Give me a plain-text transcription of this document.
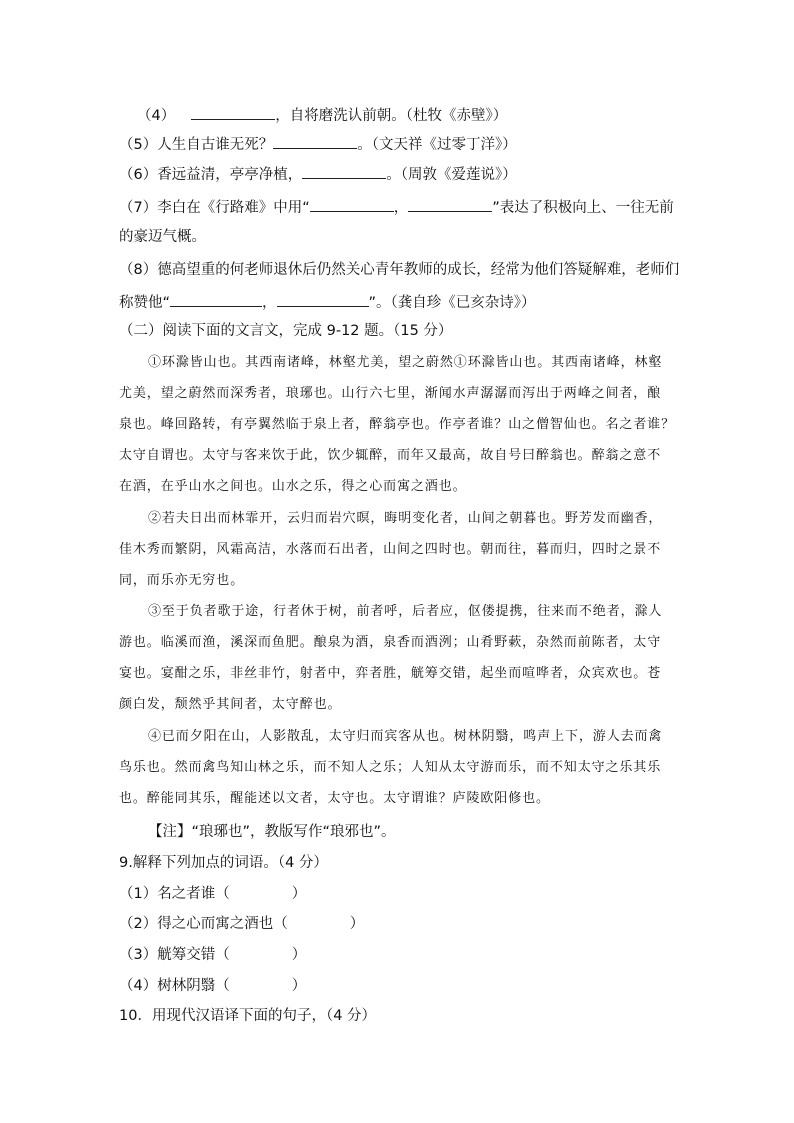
（4）	，自将磨洗认前朝。（杜牧《赤壁》）
（5）人生自古谁无死？	。（文天祥《过零丁洋》）
（6）香远益清，亭亭净植，	。（周敦《爱莲说》）
（7）李白在《行路难》中用“	，	”表达了积极向上、一往无前
的豪迈气概。
（8）德高望重的何老师退休后仍然关心青年教师的成长，经常为他们答疑解难，老师们
称赞他“	，	”。（龚自珍《已亥杂诗》）
（二）阅读下面的文言文，完成 9-12 题。（15 分）
①环滁皆山也。其西南诸峰，林壑尤美，望之蔚然①环滁皆山也。其西南诸峰，林壑
尤美，望之蔚然而深秀者，琅琊也。山行六七里，渐闻水声潺潺而泻出于两峰之间者，酿
泉也。峰回路转，有亭翼然临于泉上者，醉翁亭也。作亭者谁？山之僧智仙也。名之者谁？
太守自谓也。太守与客来饮于此，饮少辄醉，而年又最高，故自号曰醉翁也。醉翁之意不
在酒，在乎山水之间也。山水之乐，得之心而寓之酒也。
②若夫日出而林霏开，云归而岩穴暝，晦明变化者，山间之朝暮也。野芳发而幽香，
佳木秀而繁阴，风霜高洁，水落而石出者，山间之四时也。朝而往，暮而归，四时之景不
同，而乐亦无穷也。
③至于负者歌于途，行者休于树，前者呼，后者应，伛偻提携，往来而不绝者，滁人
游也。临溪而渔，溪深而鱼肥。酿泉为酒，泉香而酒洌；山肴野蔌，杂然而前陈者，太守
宴也。宴酣之乐，非丝非竹，射者中，弈者胜，觥筹交错，起坐而喧哗者，众宾欢也。苍
颜白发，颓然乎其间者，太守醉也。
④已而夕阳在山，人影散乱，太守归而宾客从也。树林阴翳，鸣声上下，游人去而禽
鸟乐也。然而禽鸟知山林之乐，而不知人之乐；人知从太守游而乐，而不知太守之乐其乐
也。醉能同其乐，醒能述以文者，太守也。太守谓谁？庐陵欧阳修也。
【注】“琅琊也”，教版写作“琅邪也”。
9.解释下列加点的词语。（4 分）
（1）名之者谁（	）
（2）得之心而寓之酒也（	）
（3）觥筹交错（	）
（4）树林阴翳（	）
10．用现代汉语译下面的句子，（4 分）
